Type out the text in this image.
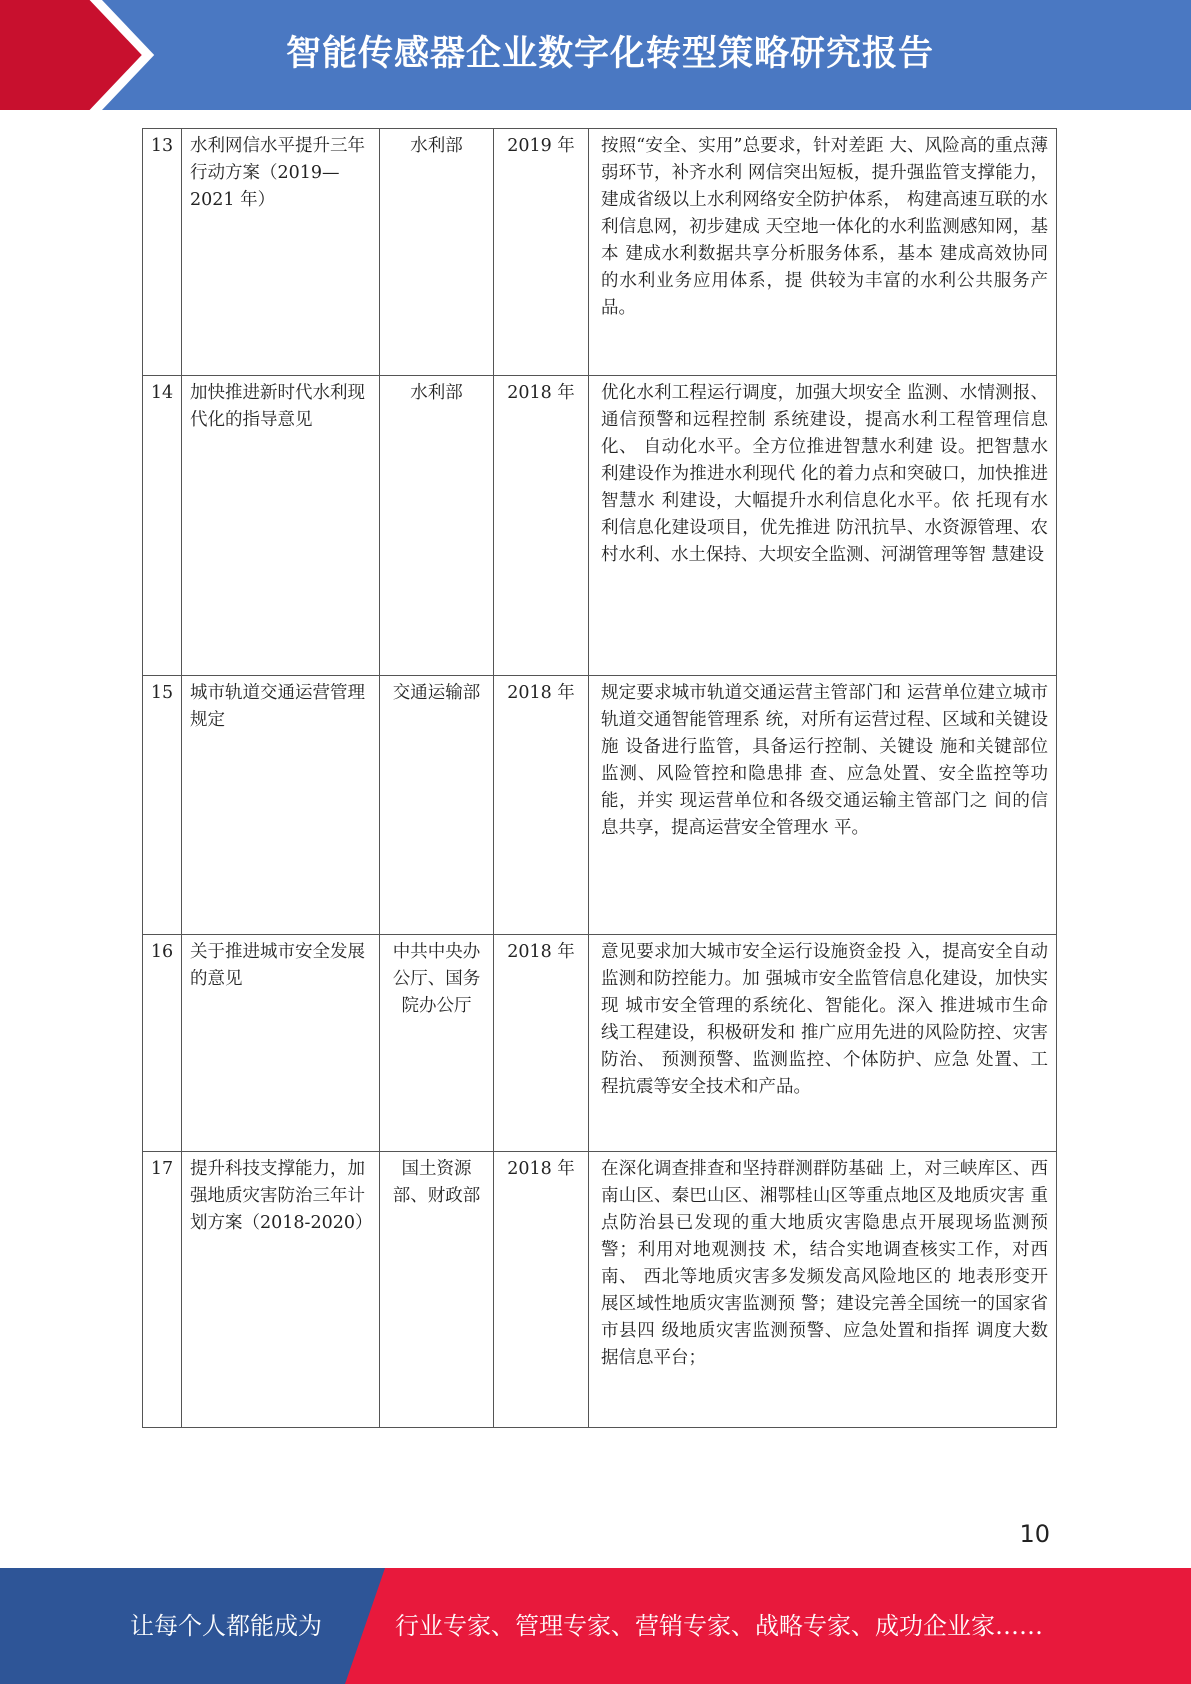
智能传感器企业数字化转型策略研究报告
13	水利网信水平提升三年行动方案（2019—2021 年）	水利部	2019 年	按照“安全、实用”总要求，针对差距 大、风险高的重点薄弱环节，补齐水利 网信突出短板，提升强监管支撑能力， 建成省级以上水利网络安全防护体系， 构建高速互联的水利信息网，初步建成 天空地一体化的水利监测感知网，基本 建成水利数据共享分析服务体系，基本 建成高效协同的水利业务应用体系，提 供较为丰富的水利公共服务产品。
14	加快推进新时代水利现代化的指导意见	水利部	2018 年	优化水利工程运行调度，加强大坝安全 监测、水情测报、通信预警和远程控制 系统建设，提高水利工程管理信息化、 自动化水平。全方位推进智慧水利建 设。把智慧水利建设作为推进水利现代 化的着力点和突破口，加快推进智慧水 利建设，大幅提升水利信息化水平。依 托现有水利信息化建设项目，优先推进 防汛抗旱、水资源管理、农村水利、水土保持、大坝安全监测、河湖管理等智 慧建设
15	城市轨道交通运营管理规定	交通运输部	2018 年	规定要求城市轨道交通运营主管部门和 运营单位建立城市轨道交通智能管理系 统，对所有运营过程、区域和关键设施 设备进行监管，具备运行控制、关键设 施和关键部位监测、风险管控和隐患排 查、应急处置、安全监控等功能，并实 现运营单位和各级交通运输主管部门之 间的信息共享，提高运营安全管理水 平。
16	关于推进城市安全发展的意见	中共中央办公厅、国务院办公厅	2018 年	意见要求加大城市安全运行设施资金投 入，提高安全自动监测和防控能力。加 强城市安全监管信息化建设，加快实现 城市安全管理的系统化、智能化。深入 推进城市生命线工程建设，积极研发和 推广应用先进的风险防控、灾害防治、 预测预警、监测监控、个体防护、应急 处置、工程抗震等安全技术和产品。
17	提升科技支撑能力，加强地质灾害防治三年计划方案（2018-2020）	国土资源部、财政部	2018 年	在深化调查排查和坚持群测群防基础 上，对三峡库区、西南山区、秦巴山区、湘鄂桂山区等重点地区及地质灾害 重点防治县已发现的重大地质灾害隐患点开展现场监测预警；利用对地观测技 术，结合实地调查核实工作，对西南、 西北等地质灾害多发频发高风险地区的 地表形变开展区域性地质灾害监测预 警；建设完善全国统一的国家省市县四 级地质灾害监测预警、应急处置和指挥 调度大数据信息平台；
10
让每个人都能成为	行业专家、管理专家、营销专家、战略专家、成功企业家……
